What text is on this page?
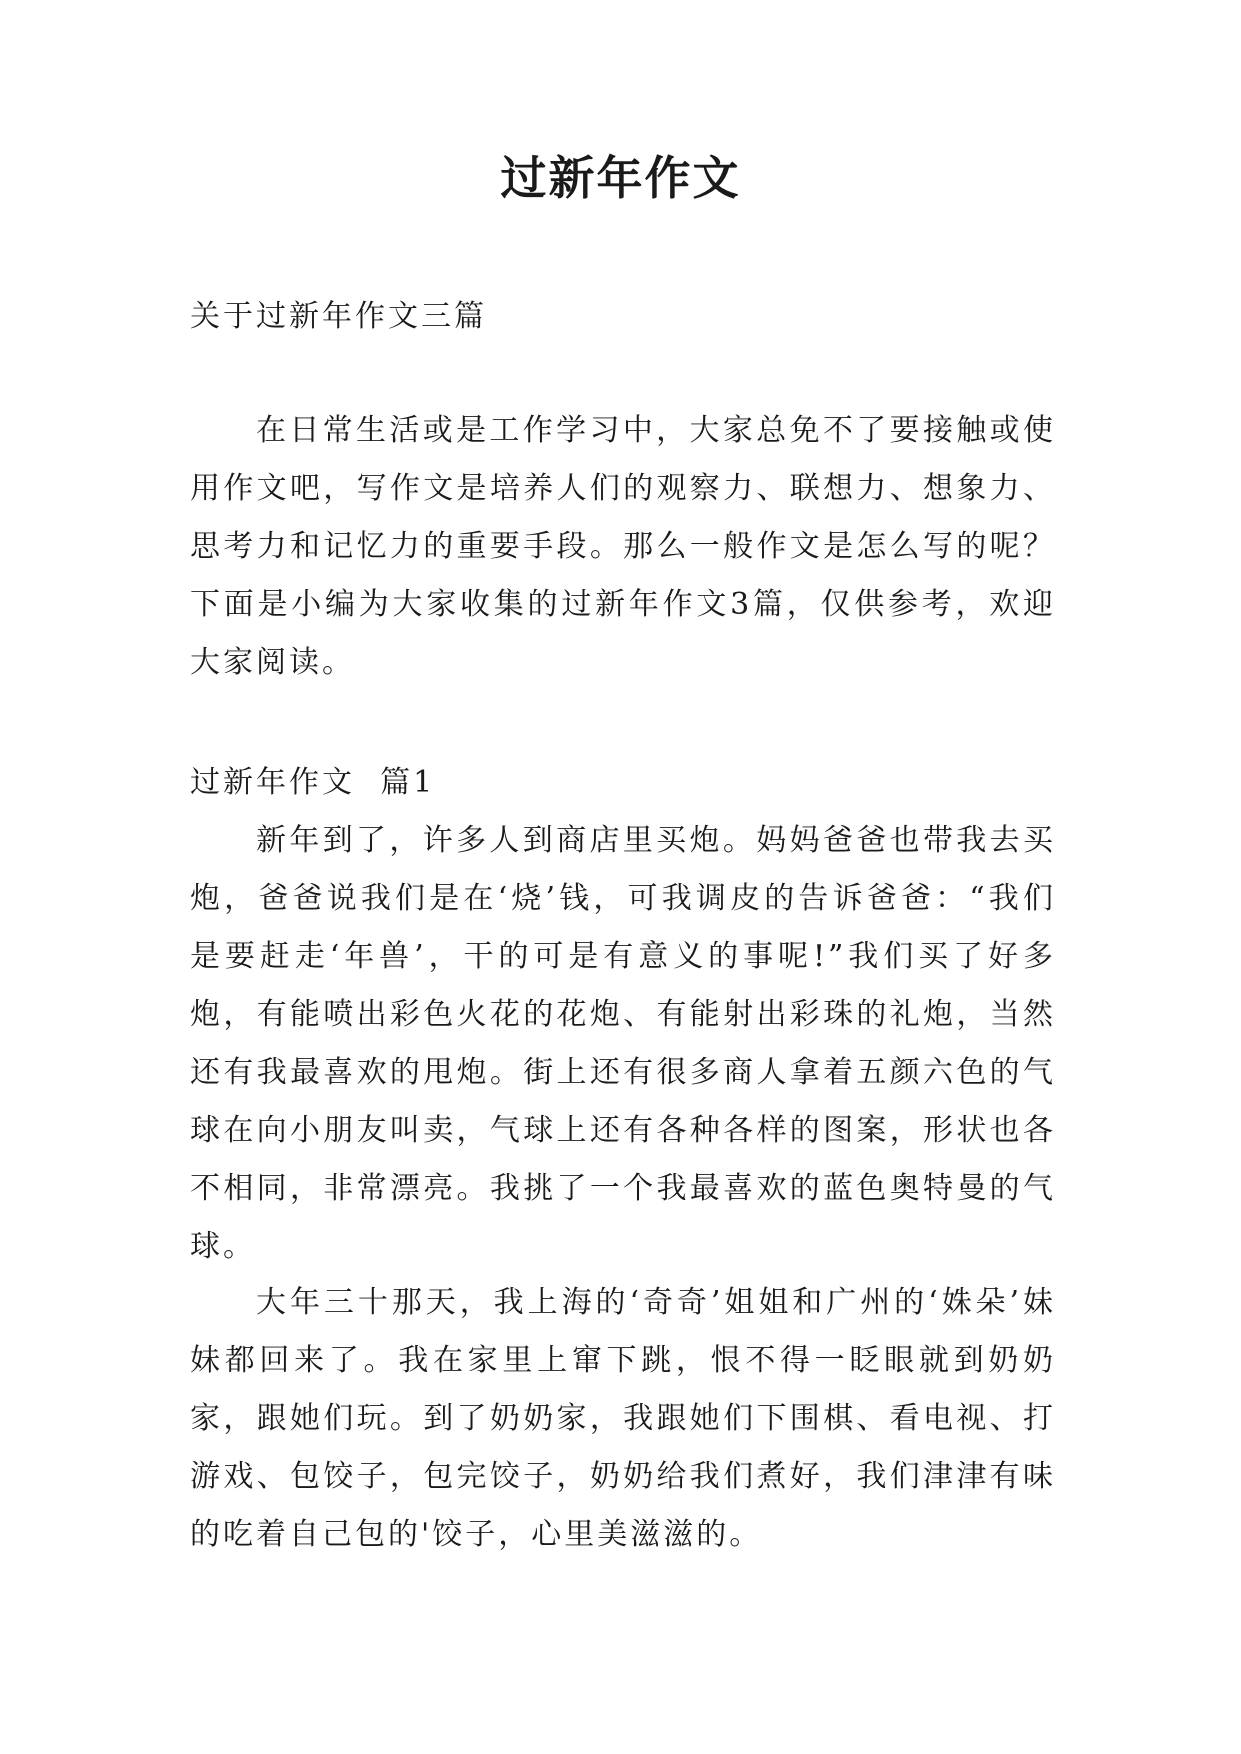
过新年作文

关于过新年作文三篇

在日常生活或是工作学习中，大家总免不了要接触或使用作文吧，写作文是培养人们的观察力、联想力、想象力、思考力和记忆力的重要手段。那么一般作文是怎么写的呢？下面是小编为大家收集的过新年作文3篇，仅供参考，欢迎大家阅读。

过新年作文  篇1

新年到了，许多人到商店里买炮。妈妈爸爸也带我去买炮，爸爸说我们是在‘烧’钱，可我调皮的告诉爸爸：“我们是要赶走‘年兽’，干的可是有意义的事呢!”我们买了好多炮，有能喷出彩色火花的花炮、有能射出彩珠的礼炮，当然还有我最喜欢的甩炮。街上还有很多商人拿着五颜六色的气球在向小朋友叫卖，气球上还有各种各样的图案，形状也各不相同，非常漂亮。我挑了一个我最喜欢的蓝色奥特曼的气球。

大年三十那天，我上海的‘奇奇’姐姐和广州的‘姝朵’妹妹都回来了。我在家里上窜下跳，恨不得一眨眼就到奶奶家，跟她们玩。到了奶奶家，我跟她们下围棋、看电视、打游戏、包饺子，包完饺子，奶奶给我们煮好，我们津津有味的吃着自己包的'饺子，心里美滋滋的。
